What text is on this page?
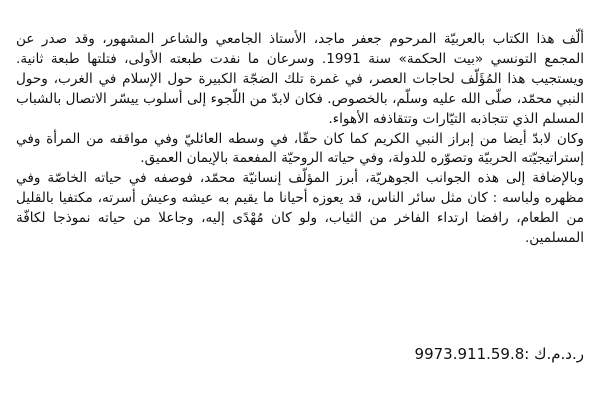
ألّف هذا الكتاب بالعربيّة المرحوم جعفر ماجد، الأستاذ الجامعي والشاعر المشهور، وقد صدر عن المجمع التونسي «بيت الحكمة» سنة 1991. وسرعان ما نفدت طبعته الأولى، فتلتها طبعة ثانية. ويستجيب هذا المُؤَلّف لحاجات العصر، في غمرة تلك الضجّة الكبيرة حول الإسلام في الغرب، وحول النبي محمّد، صلّى الله عليه وسلّم، بالخصوص. فكان لابدّ من اللّجوء إلى أسلوب ييسّر الاتصال بالشباب المسلم الذي تتجاذبه التيّارات وتتقاذفه الأهواء.

وكان لابدّ أيضا من إبراز النبي الكريم كما كان حقّا، في وسطه العائليّ وفي مواقفه من المرأة وفي إستراتيجيّته الحربيّة وتصوّره للدولة، وفي حياته الروحيّة المفعمة بالإيمان العميق.

وبالإضافة إلى هذه الجوانب الجوهريّة، أبرز المؤلّف إنسانيّة محمّد، فوصفه في حياته الخاصّة وفي مظهره ولباسه : كان مثل سائر الناس، قد يعوزه أحيانا ما يقيم به عيشه وعيش أسرته، مكتفيا بالقليل من الطعام، رافضا ارتداء الفاخر من الثياب، ولو كان مُهْدًى إليه، وجاعلا من حياته نموذجا لكافّة المسلمين.

ر.د.م.ك :9973.911.59.8
